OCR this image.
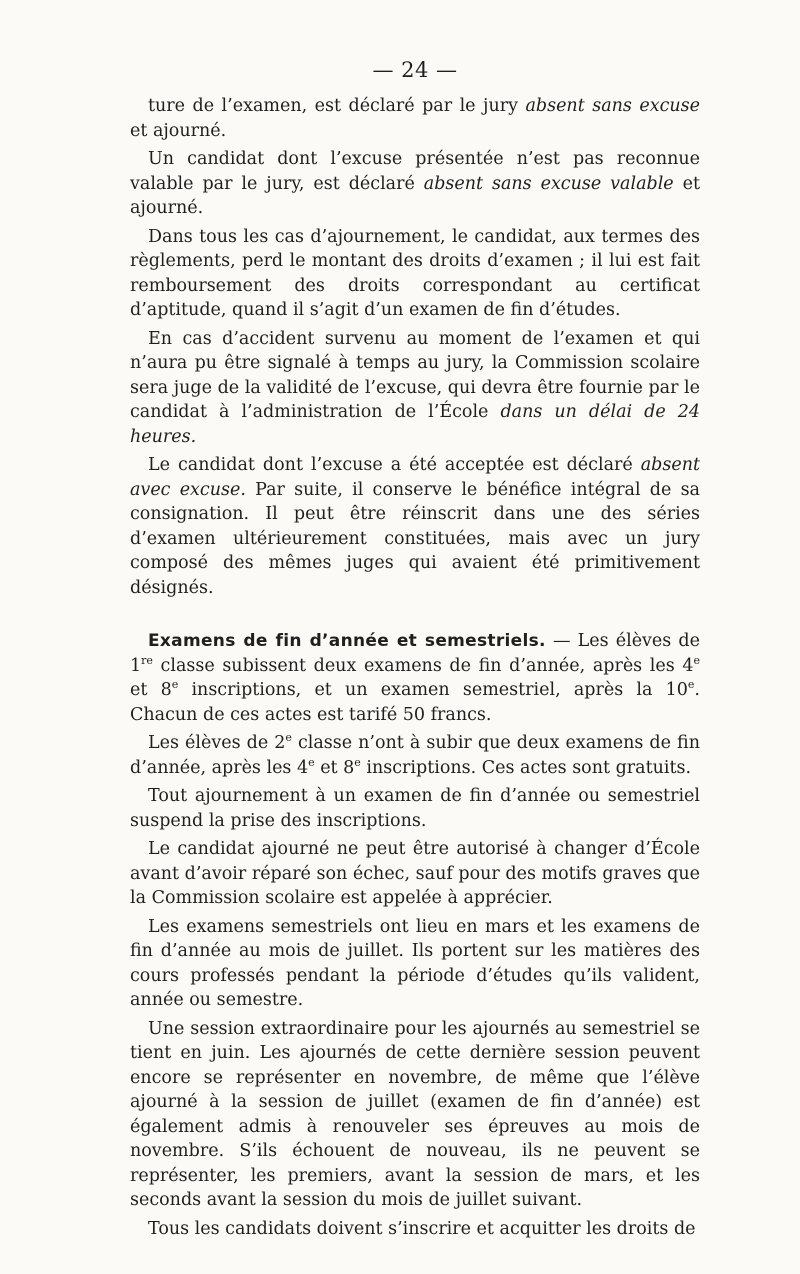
— 24 —

ture de l’examen, est déclaré par le jury absent sans excuse et ajourné.

Un candidat dont l’excuse présentée n’est pas reconnue valable par le jury, est déclaré absent sans excuse valable et ajourné.

Dans tous les cas d’ajournement, le candidat, aux termes des règlements, perd le montant des droits d’examen ; il lui est fait remboursement des droits correspondant au certificat d’aptitude, quand il s’agit d’un examen de fin d’études.

En cas d’accident survenu au moment de l’examen et qui n’aura pu être signalé à temps au jury, la Commission scolaire sera juge de la validité de l’excuse, qui devra être fournie par le candidat à l’administration de l’École dans un délai de 24 heures.

Le candidat dont l’excuse a été acceptée est déclaré absent avec excuse. Par suite, il conserve le bénéfice intégral de sa consignation. Il peut être réinscrit dans une des séries d’examen ultérieurement constituées, mais avec un jury composé des mêmes juges qui avaient été primitivement désignés.

Examens de fin d’année et semestriels. — Les élèves de 1re classe subissent deux examens de fin d’année, après les 4e et 8e inscriptions, et un examen semestriel, après la 10e. Chacun de ces actes est tarifé 50 francs.

Les élèves de 2e classe n’ont à subir que deux examens de fin d’année, après les 4e et 8e inscriptions. Ces actes sont gratuits.

Tout ajournement à un examen de fin d’année ou semestriel suspend la prise des inscriptions.

Le candidat ajourné ne peut être autorisé à changer d’École avant d’avoir réparé son échec, sauf pour des motifs graves que la Commission scolaire est appelée à apprécier.

Les examens semestriels ont lieu en mars et les examens de fin d’année au mois de juillet. Ils portent sur les matières des cours professés pendant la période d’études qu’ils valident, année ou semestre.

Une session extraordinaire pour les ajournés au semestriel se tient en juin. Les ajournés de cette dernière session peuvent encore se représenter en novembre, de même que l’élève ajourné à la session de juillet (examen de fin d’année) est également admis à renouveler ses épreuves au mois de novembre. S’ils échouent de nouveau, ils ne peuvent se représenter, les premiers, avant la session de mars, et les seconds avant la session du mois de juillet suivant.

Tous les candidats doivent s’inscrire et acquitter les droits de
